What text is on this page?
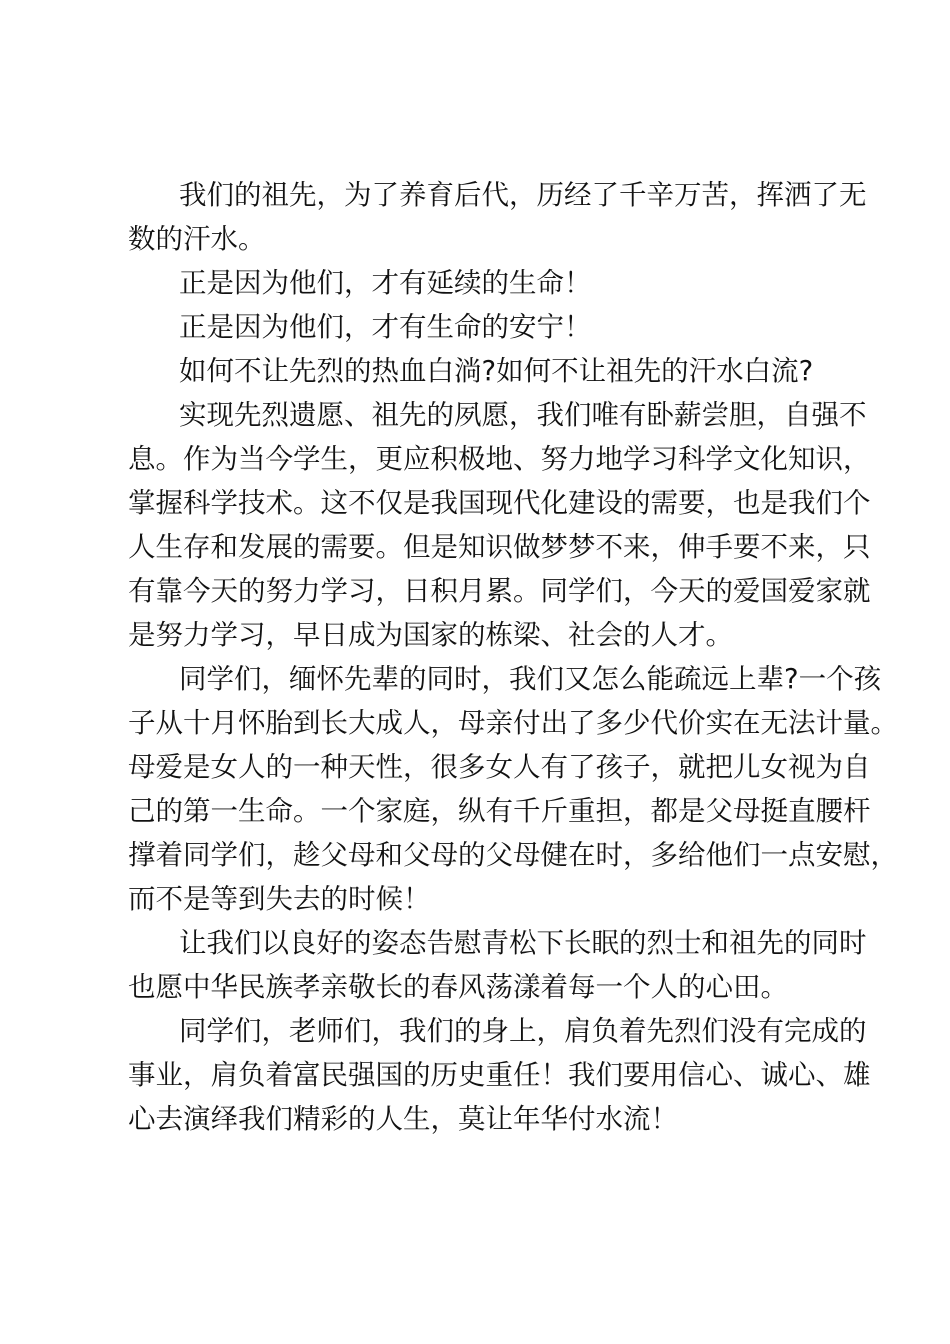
我们的祖先，为了养育后代，历经了千辛万苦，挥洒了无
数的汗水。
正是因为他们，才有延续的生命！
正是因为他们，才有生命的安宁！
如何不让先烈的热血白淌?如何不让祖先的汗水白流?
实现先烈遗愿、祖先的夙愿，我们唯有卧薪尝胆，自强不
息。作为当今学生，更应积极地、努力地学习科学文化知识，
掌握科学技术。这不仅是我国现代化建设的需要，也是我们个
人生存和发展的需要。但是知识做梦梦不来，伸手要不来，只
有靠今天的努力学习，日积月累。同学们，今天的爱国爱家就
是努力学习，早日成为国家的栋梁、社会的人才。
同学们，缅怀先辈的同时，我们又怎么能疏远上辈?一个孩
子从十月怀胎到长大成人，母亲付出了多少代价实在无法计量。
母爱是女人的一种天性，很多女人有了孩子，就把儿女视为自
己的第一生命。一个家庭，纵有千斤重担，都是父母挺直腰杆
撑着同学们，趁父母和父母的父母健在时，多给他们一点安慰，
而不是等到失去的时候！
让我们以良好的姿态告慰青松下长眠的烈士和祖先的同时
也愿中华民族孝亲敬长的春风荡漾着每一个人的心田。
同学们，老师们，我们的身上，肩负着先烈们没有完成的
事业，肩负着富民强国的历史重任！我们要用信心、诚心、雄
心去演绎我们精彩的人生，莫让年华付水流！
